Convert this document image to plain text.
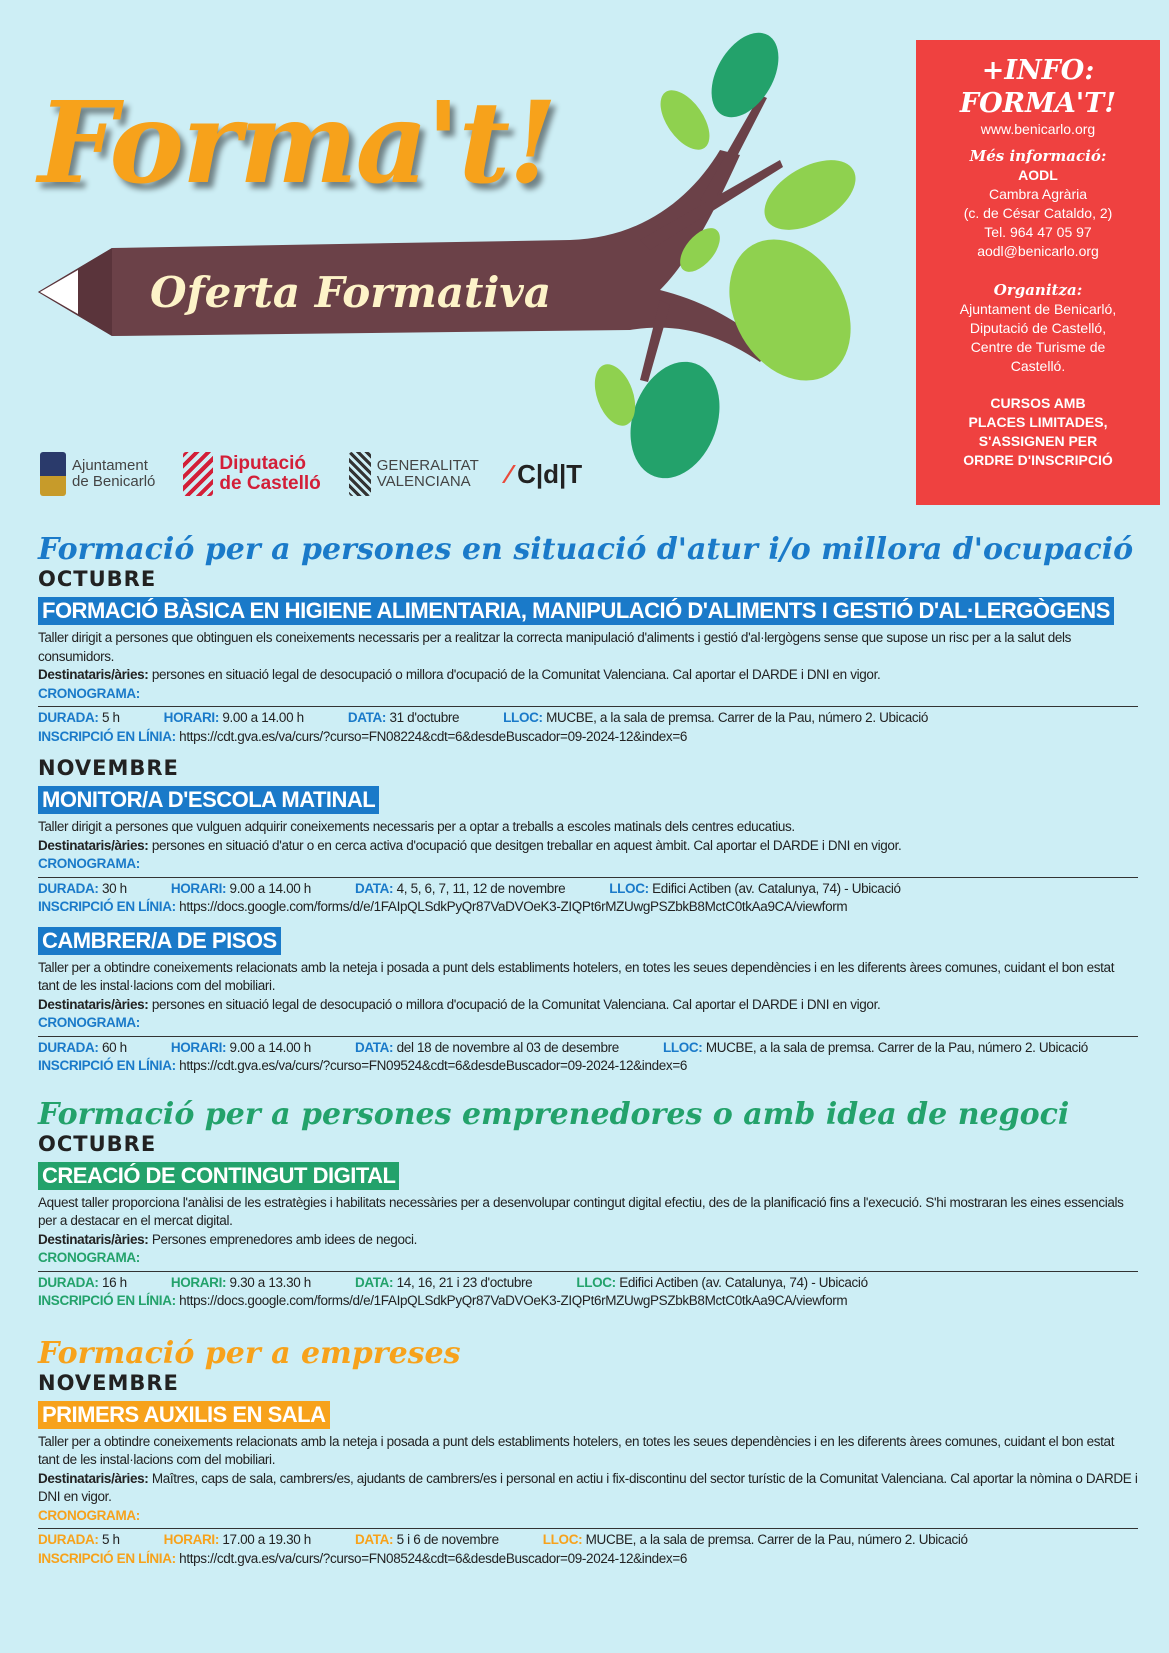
Forma't!
Oferta Formativa
Ajuntament
de Benicarló
Diputació
de Castelló
GENERALITAT
VALENCIANA	⁄ C|d|T
+INFO:
FORMA'T!
www.benicarlo.org
Més informació:
AODL
Cambra Agrària
(c. de César Cataldo, 2)
Tel. 964 47 05 97
aodl@benicarlo.org
Organitza:
Ajuntament de Benicarló,
Diputació de Castelló,
Centre de Turisme de
Castelló.
CURSOS AMB
PLACES LIMITADES,
S'ASSIGNEN PER
ORDRE D'INSCRIPCIÓ
Formació per a persones en situació d'atur i/o millora d'ocupació
OCTUBRE
FORMACIÓ BÀSICA EN HIGIENE ALIMENTARIA, MANIPULACIÓ D'ALIMENTS I GESTIÓ D'AL·LERGÒGENS
Taller dirigit a persones que obtinguen els coneixements necessaris per a realitzar la correcta manipulació d'aliments i gestió d'al·lergògens sense que supose un risc per a la salut dels consumidors.
Destinataris/àries: persones en situació legal de desocupació o millora d'ocupació de la Comunitat Valenciana. Cal aportar el DARDE i DNI en vigor.
CRONOGRAMA:
DURADA: 5 h	HORARI: 9.00 a 14.00 h	DATA: 31 d'octubre	LLOC: MUCBE, a la sala de premsa. Carrer de la Pau, número 2. Ubicació
INSCRIPCIÓ EN LÍNIA: https://cdt.gva.es/va/curs/?curso=FN08224&cdt=6&desdeBuscador=09-2024-12&index=6
NOVEMBRE
MONITOR/A D'ESCOLA MATINAL
Taller dirigit a persones que vulguen adquirir coneixements necessaris per a optar a treballs a escoles matinals dels centres educatius.
Destinataris/àries: persones en situació d'atur o en cerca activa d'ocupació que desitgen treballar en aquest àmbit. Cal aportar el DARDE i DNI en vigor.
CRONOGRAMA:
DURADA: 30 h	HORARI: 9.00 a 14.00 h	DATA: 4, 5, 6, 7, 11, 12 de novembre	LLOC: Edifici Actiben (av. Catalunya, 74) - Ubicació
INSCRIPCIÓ EN LÍNIA: https://docs.google.com/forms/d/e/1FAIpQLSdkPyQr87VaDVOeK3-ZIQPt6rMZUwgPSZbkB8MctC0tkAa9CA/viewform
CAMBRER/A DE PISOS
Taller per a obtindre coneixements relacionats amb la neteja i posada a punt dels establiments hotelers, en totes les seues dependències i en les diferents àrees comunes, cuidant el bon estat tant de les instal·lacions com del mobiliari.
Destinataris/àries: persones en situació legal de desocupació o millora d'ocupació de la Comunitat Valenciana. Cal aportar el DARDE i DNI en vigor.
CRONOGRAMA:
DURADA: 60 h	HORARI: 9.00 a 14.00 h	DATA: del 18 de novembre al 03 de desembre	LLOC: MUCBE, a la sala de premsa. Carrer de la Pau, número 2. Ubicació
INSCRIPCIÓ EN LÍNIA: https://cdt.gva.es/va/curs/?curso=FN09524&cdt=6&desdeBuscador=09-2024-12&index=6
Formació per a persones emprenedores o amb idea de negoci
OCTUBRE
CREACIÓ DE CONTINGUT DIGITAL
Aquest taller proporciona l'anàlisi de les estratègies i habilitats necessàries per a desenvolupar contingut digital efectiu, des de la planificació fins a l'execució. S'hi mostraran les eines essencials per a destacar en el mercat digital.
Destinataris/àries: Persones emprenedores amb idees de negoci.
CRONOGRAMA:
DURADA: 16 h	HORARI: 9.30 a 13.30 h	DATA: 14, 16, 21 i 23 d'octubre	LLOC: Edifici Actiben (av. Catalunya, 74) - Ubicació
INSCRIPCIÓ EN LÍNIA: https://docs.google.com/forms/d/e/1FAIpQLSdkPyQr87VaDVOeK3-ZIQPt6rMZUwgPSZbkB8MctC0tkAa9CA/viewform
Formació per a empreses
NOVEMBRE
PRIMERS AUXILIS EN SALA
Taller per a obtindre coneixements relacionats amb la neteja i posada a punt dels establiments hotelers, en totes les seues dependències i en les diferents àrees comunes, cuidant el bon estat tant de les instal·lacions com del mobiliari.
Destinataris/àries: Maîtres, caps de sala, cambrers/es, ajudants de cambrers/es i personal en actiu i fix-discontinu del sector turístic de la Comunitat Valenciana. Cal aportar la nòmina o DARDE i DNI en vigor.
CRONOGRAMA:
DURADA: 5 h	HORARI: 17.00 a 19.30 h	DATA: 5 i 6 de novembre	LLOC: MUCBE, a la sala de premsa. Carrer de la Pau, número 2. Ubicació
INSCRIPCIÓ EN LÍNIA: https://cdt.gva.es/va/curs/?curso=FN08524&cdt=6&desdeBuscador=09-2024-12&index=6
